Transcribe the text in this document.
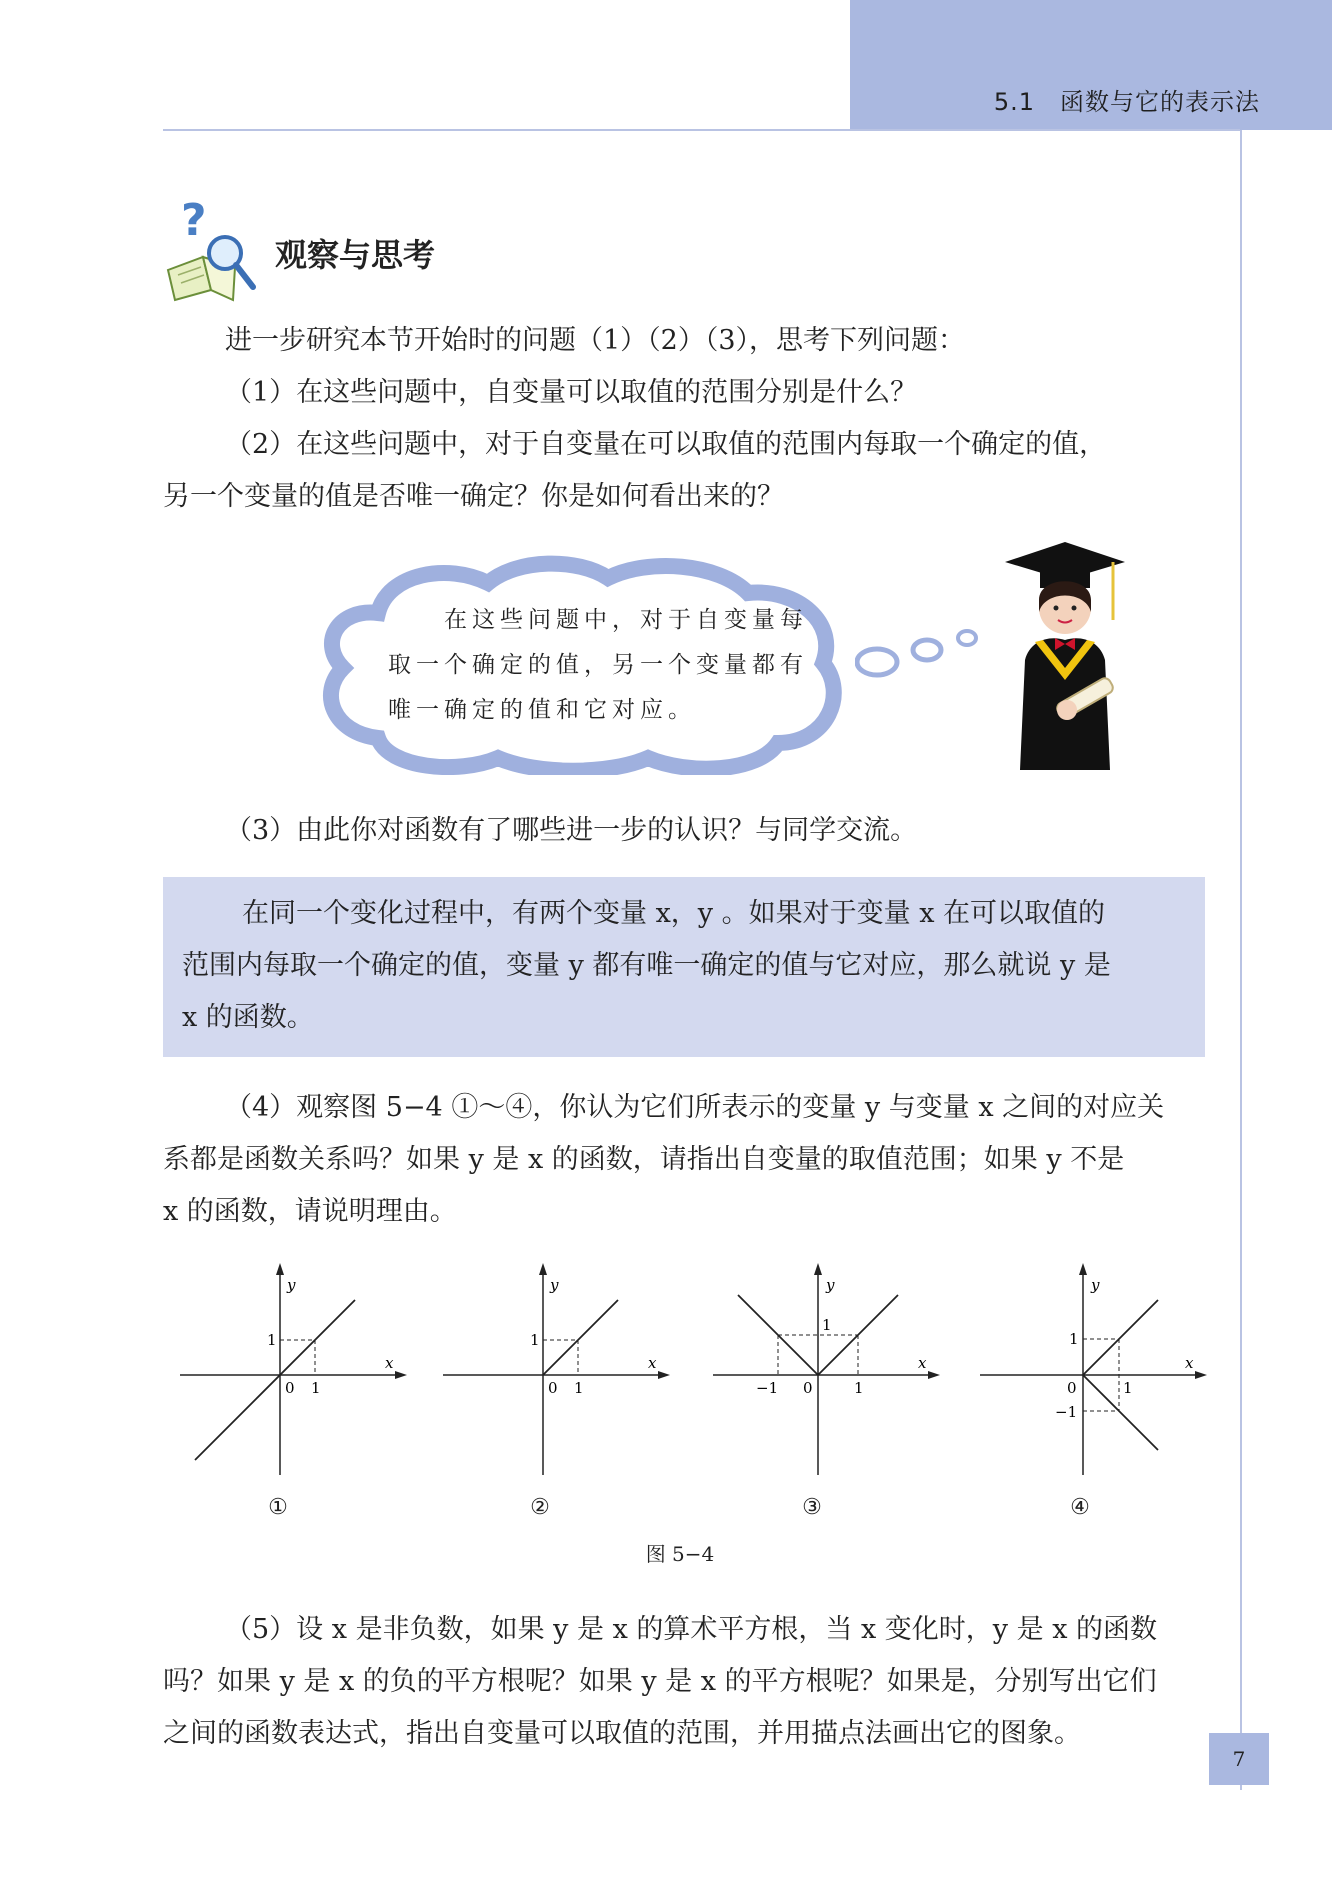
5.1　函数与它的表示法
?
观察与思考
进一步研究本节开始时的问题（1）（2）（3），思考下列问题：
（1）在这些问题中，自变量可以取值的范围分别是什么？
（2）在这些问题中，对于自变量在可以取值的范围内每取一个确定的值，
另一个变量的值是否唯一确定？你是如何看出来的？
在这些问题中，对于自变量每
取一个确定的值，另一个变量都有
唯一确定的值和它对应。
（3）由此你对函数有了哪些进一步的认识？与同学交流。
在同一个变化过程中，有两个变量 x，y 。如果对于变量 x 在可以取值的
范围内每取一个确定的值，变量 y 都有唯一确定的值与它对应，那么就说 y 是
x 的函数。
（4）观察图 5−4 ①～④，你认为它们所表示的变量 y 与变量 x 之间的对应关
系都是函数关系吗？如果 y 是 x 的函数，请指出自变量的取值范围；如果 y 不是
x 的函数，请说明理由。
y
x
1
0 1
①
y
x
1
0 1
②
y
x
1
−1 0	1
③
y
x
1
0	1
−1
④
图 5−4
（5）设 x 是非负数，如果 y 是 x 的算术平方根，当 x 变化时，y 是 x 的函数
吗？如果 y 是 x 的负的平方根呢？如果 y 是 x 的平方根呢？如果是，分别写出它们
之间的函数表达式，指出自变量可以取值的范围，并用描点法画出它的图象。
7
